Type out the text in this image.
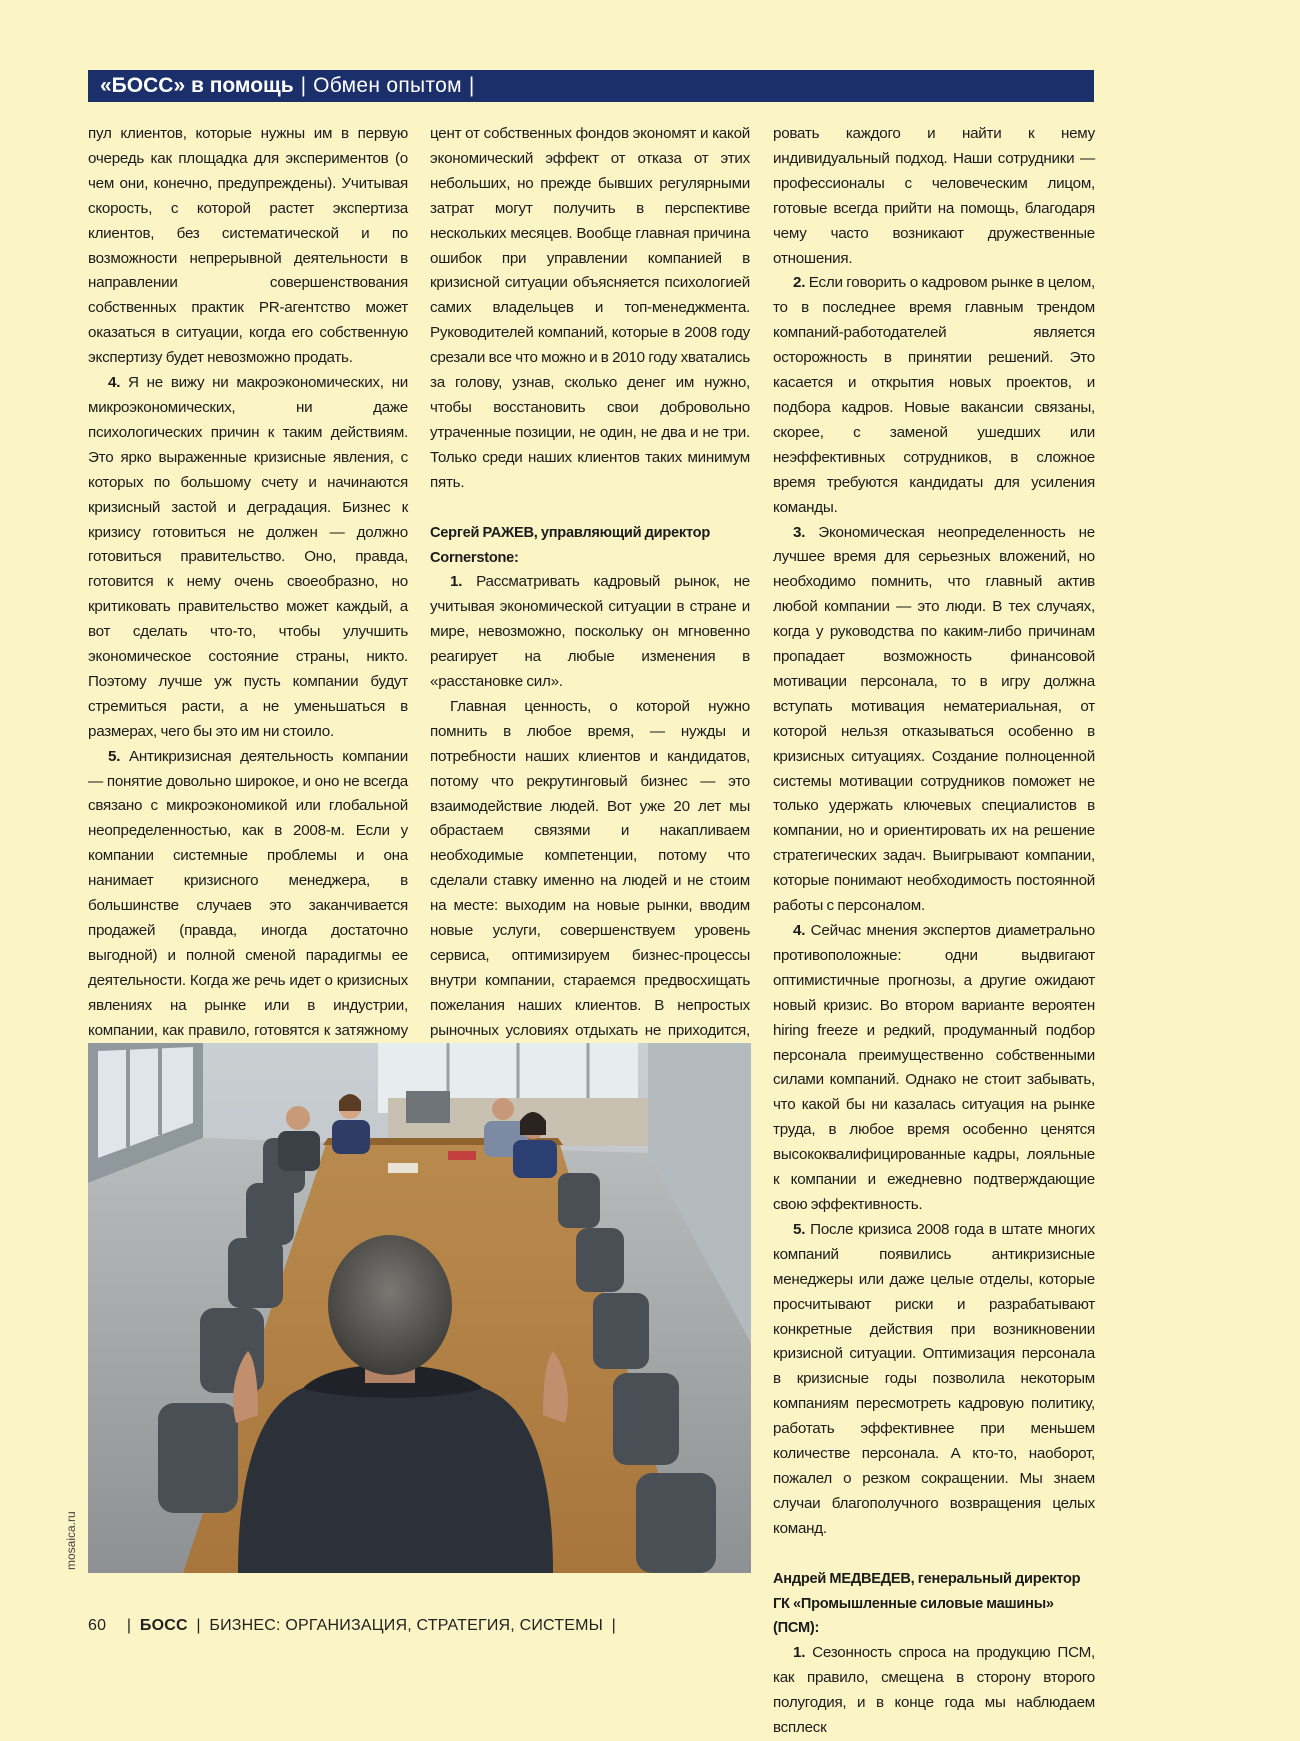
«БОСС» в помощь | Обмен опытом |

пул клиентов, которые нужны им в первую очередь как площадка для экспериментов (о чем они, конечно, предупреждены). Учитывая скорость, с которой растет экспертиза клиентов, без систематической и по возможности непрерывной деятельности в направлении совершенствования собственных практик PR-агентство может оказаться в ситуации, когда его собственную экспертизу будет невозможно продать.

4. Я не вижу ни макроэкономических, ни микроэкономических, ни даже психологических причин к таким действиям. Это ярко выраженные кризисные явления, с которых по большому счету и начинаются кризисный застой и деградация. Бизнес к кризису готовиться не должен — должно готовиться правительство. Оно, правда, готовится к нему очень своеобразно, но критиковать правительство может каждый, а вот сделать что-то, чтобы улучшить экономическое состояние страны, никто. Поэтому лучше уж пусть компании будут стремиться расти, а не уменьшаться в размерах, чего бы это им ни стоило.

5. Антикризисная деятельность компании — понятие довольно широкое, и оно не всегда связано с микроэкономикой или глобальной неопределенностью, как в 2008-м. Если у компании системные проблемы и она нанимает кризисного менеджера, в большинстве случаев это заканчивается продажей (правда, иногда достаточно выгодной) и полной сменой парадигмы ее деятельности. Когда же речь идет о кризисных явлениях на рынке или в индустрии, компании, как правило, готовятся к затяжному

цент от собственных фондов экономят и какой экономический эффект от отказа от этих небольших, но прежде бывших регулярными затрат могут получить в перспективе нескольких месяцев. Вообще главная причина ошибок при управлении компанией в кризисной ситуации объясняется психологией самих владельцев и топ-менеджмента. Руководителей компаний, которые в 2008 году срезали все что можно и в 2010 году хватались за голову, узнав, сколько денег им нужно, чтобы восстановить свои добровольно утраченные позиции, не один, не два и не три. Только среди наших клиентов таких минимум пять.

Сергей РАЖЕВ, управляющий директор Cornerstone:

1. Рассматривать кадровый рынок, не учитывая экономической ситуации в стране и мире, невозможно, поскольку он мгновенно реагирует на любые изменения в «расстановке сил».

Главная ценность, о которой нужно помнить в любое время, — нужды и потребности наших клиентов и кандидатов, потому что рекрутинговый бизнес — это взаимодействие людей. Вот уже 20 лет мы обрастаем связями и накапливаем необходимые компетенции, потому что сделали ставку именно на людей и не стоим на месте: выходим на новые рынки, вводим новые услуги, совершенствуем уровень сервиса, оптимизируем бизнес-процессы внутри компании, стараемся предвосхищать пожелания наших клиентов. В непростых рыночных условиях отдыхать не приходится,

ровать каждого и найти к нему индивидуальный подход. Наши сотрудники — профессионалы с человеческим лицом, готовые всегда прийти на помощь, благодаря чему часто возникают дружественные отношения.

2. Если говорить о кадровом рынке в целом, то в последнее время главным трендом компаний-работодателей является осторожность в принятии решений. Это касается и открытия новых проектов, и подбора кадров. Новые вакансии связаны, скорее, с заменой ушедших или неэффективных сотрудников, в сложное время требуются кандидаты для усиления команды.

3. Экономическая неопределенность не лучшее время для серьезных вложений, но необходимо помнить, что главный актив любой компании — это люди. В тех случаях, когда у руководства по каким-либо причинам пропадает возможность финансовой мотивации персонала, то в игру должна вступать мотивация нематериальная, от которой нельзя отказываться особенно в кризисных ситуациях. Создание полноценной системы мотивации сотрудников поможет не только удержать ключевых специалистов в компании, но и ориентировать их на решение стратегических задач. Выигрывают компании, которые понимают необходимость постоянной работы с персоналом.

4. Сейчас мнения экспертов диаметрально противоположные: одни выдвигают оптимистичные прогнозы, а другие ожидают новый кризис. Во втором варианте вероятен hiring freeze и редкий, продуманный подбор персонала преимущественно собственными силами компаний. Однако не стоит забывать, что какой бы ни казалась ситуация на рынке труда, в любое время особенно ценятся высококвалифицированные кадры, лояльные к компании и ежедневно подтверждающие свою эффективность.

5. После кризиса 2008 года в штате многих компаний появились антикризисные менеджеры или даже целые отделы, которые просчитывают риски и разрабатывают конкретные действия при возникновении кризисной ситуации. Оптимизация персонала в кризисные годы позволила некоторым компаниям пересмотреть кадровую политику, работать эффективнее при меньшем количестве персонала. А кто-то, наоборот, пожалел о резком сокращении. Мы знаем случаи благополучного возвращения целых команд.

Андрей МЕДВЕДЕВ, генеральный директор ГК «Промышленные силовые машины» (ПСМ):

1. Сезонность спроса на продукцию ПСМ, как правило, смещена в сторону второго полугодия, и в конце года мы наблюдаем всплеск

mosaica.ru
60 | БОСС | БИЗНЕС: ОРГАНИЗАЦИЯ, СТРАТЕГИЯ, СИСТЕМЫ |
